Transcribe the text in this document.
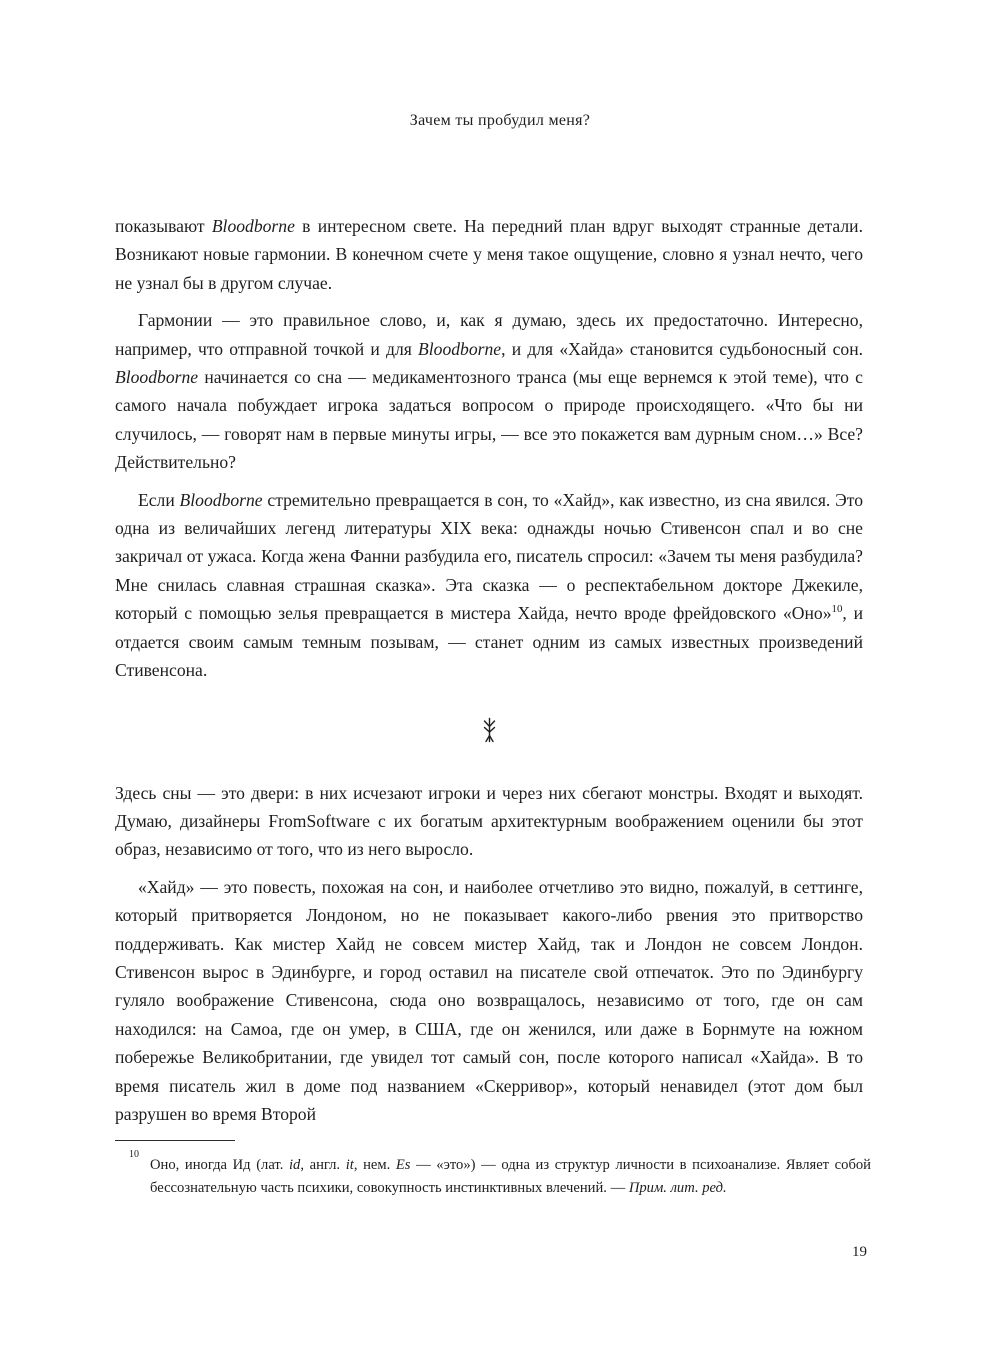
Зачем ты пробудил меня?

показывают Bloodborne в интересном свете. На передний план вдруг выходят странные детали. Возникают новые гармонии. В конечном счете у меня такое ощущение, словно я узнал нечто, чего не узнал бы в другом случае.

Гармонии — это правильное слово, и, как я думаю, здесь их предостаточно. Интересно, например, что отправной точкой и для Bloodborne, и для «Хайда» становится судьбоносный сон. Bloodborne начинается со сна — медикаментозного транса (мы еще вернемся к этой теме), что с самого начала побуждает игрока задаться вопросом о природе происходящего. «Что бы ни случилось, — говорят нам в первые минуты игры, — все это покажется вам дурным сном…» Все? Действительно?

Если Bloodborne стремительно превращается в сон, то «Хайд», как известно, из сна явился. Это одна из величайших легенд литературы XIX века: однажды ночью Стивенсон спал и во сне закричал от ужаса. Когда жена Фанни разбудила его, писатель спросил: «Зачем ты меня разбудила? Мне снилась славная страшная сказка». Эта сказка — о респектабельном докторе Джекиле, который с помощью зелья превращается в мистера Хайда, нечто вроде фрейдовского «Оно»$^{10}$, и отдается своим самым темным позывам, — станет одним из самых известных произведений Стивенсона.

Здесь сны — это двери: в них исчезают игроки и через них сбегают монстры. Входят и выходят. Думаю, дизайнеры FromSoftware с их богатым архитектурным воображением оценили бы этот образ, независимо от того, что из него выросло.

«Хайд» — это повесть, похожая на сон, и наиболее отчетливо это видно, пожалуй, в сеттинге, который притворяется Лондоном, но не показывает какого-либо рвения это притворство поддерживать. Как мистер Хайд не совсем мистер Хайд, так и Лондон не совсем Лондон. Стивенсон вырос в Эдинбурге, и город оставил на писателе свой отпечаток. Это по Эдинбургу гуляло воображение Стивенсона, сюда оно возвращалось, независимо от того, где он сам находился: на Самоа, где он умер, в США, где он женился, или даже в Борнмуте на южном побережье Великобритании, где увидел тот самый сон, после которого написал «Хайда». В то время писатель жил в доме под названием «Скерривор», который ненавидел (этот дом был разрушен во время Второй

10
Оно, иногда Ид (лат. id, англ. it, нем. Es — «это») — одна из структур личности в психоанализе. Являет собой бессознательную часть психики, совокупность инстинктивных влечений. — Прим. лит. ред.
19
